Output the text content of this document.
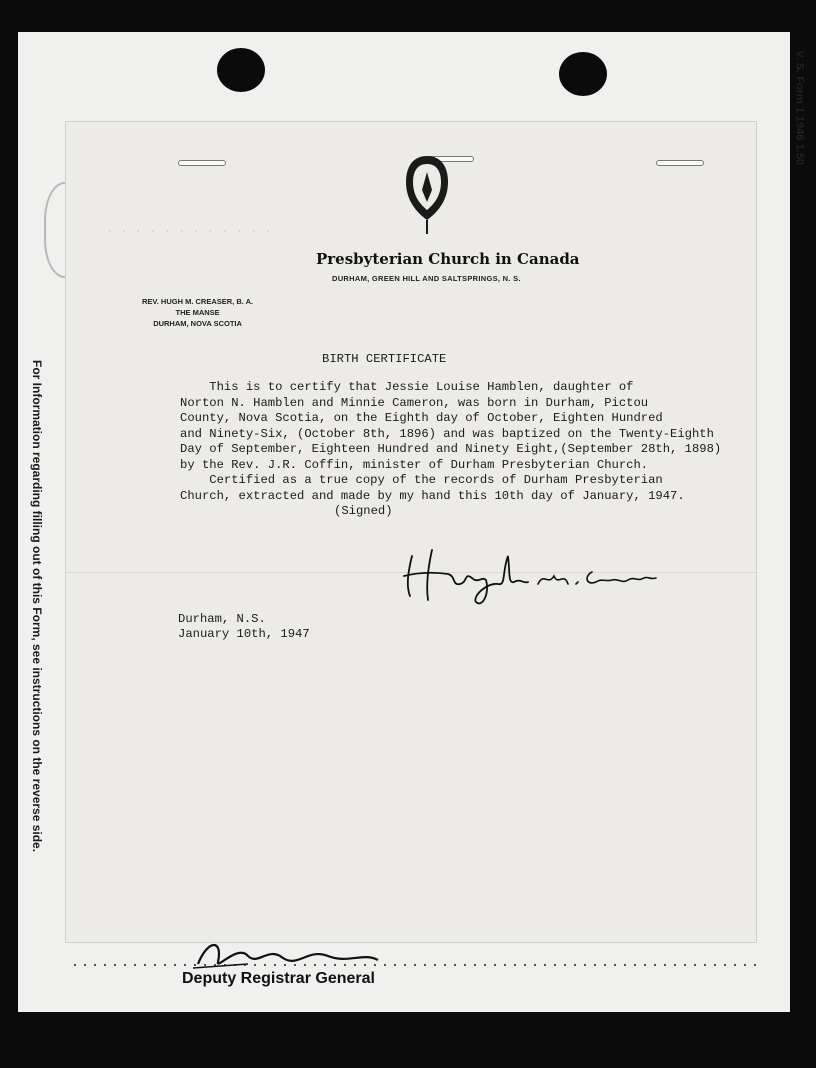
For Information regarding filling out of this Form, see instructions on the reverse side.
V. S. Form 1 1946 1.50
Deputy Registrar General
. . . . . . . . . . . .
Presbyterian Church in Canada
DURHAM, GREEN HILL AND SALTSPRINGS, N. S.
REV. HUGH M. CREASER, B. A.
THE MANSE
DURHAM, NOVA SCOTIA
BIRTH CERTIFICATE
This is to certify that Jessie Louise Hamblen, daughter of
Norton N. Hamblen and Minnie Cameron, was born in Durham, Pictou
County, Nova Scotia, on the Eighth day of October, Eighten Hundred
and Ninety-Six, (October 8th, 1896) and was baptized on the Twenty-Eighth
Day of September, Eighteen Hundred and Ninety Eight,(September 28th, 1898)
by the Rev. J.R. Coffin, minister of Durham Presbyterian Church.
Certified as a true copy of the records of Durham Presbyterian
Church, extracted and made by my hand this 10th day of January, 1947.
(Signed)
Durham, N.S.
January 10th, 1947
